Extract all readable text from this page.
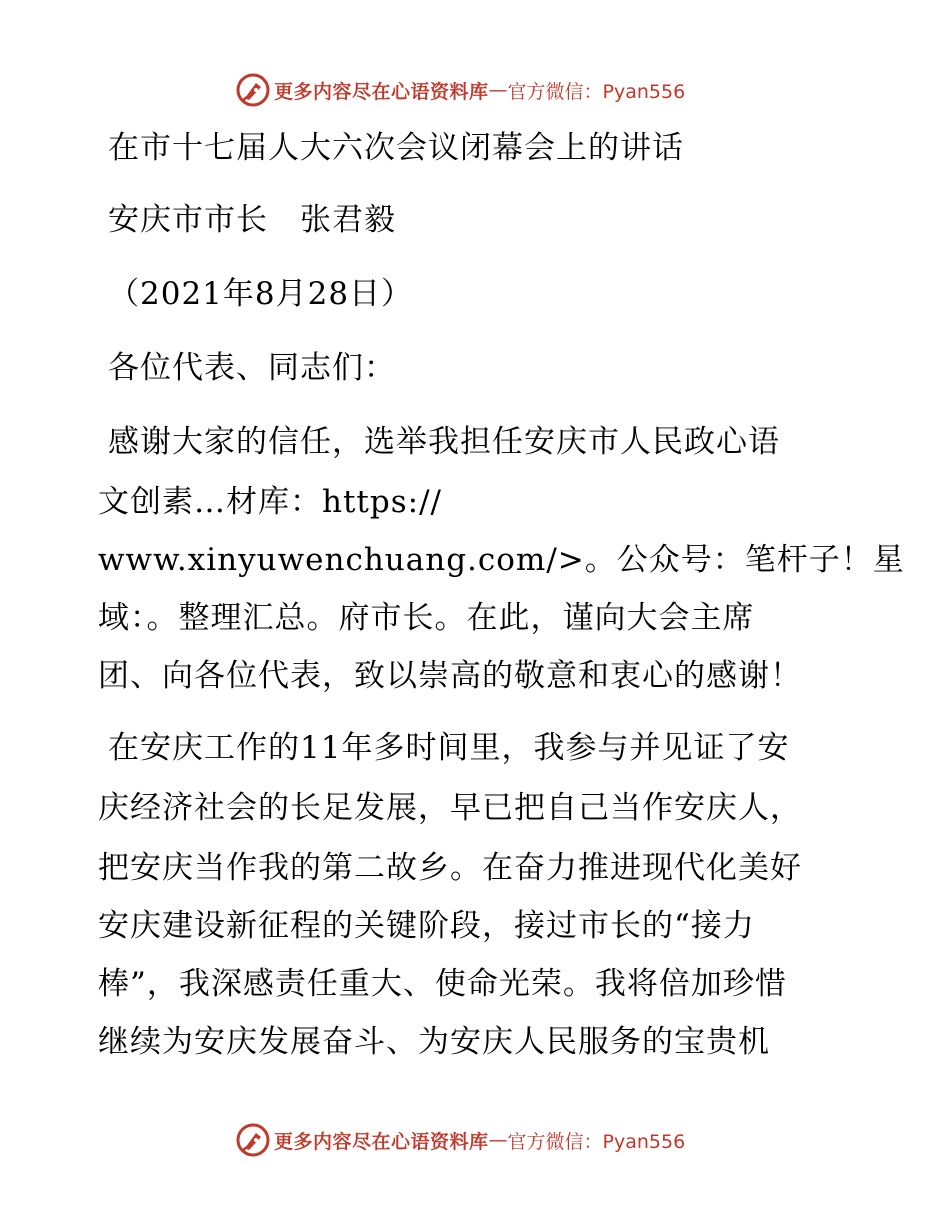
更多内容尽在心语资料库 — 官方微信：Pyan556
在市十七届人大六次会议闭幕会上的讲话
安庆市市长　张君毅
（2021年8月28日）
各位代表、同志们：
感谢大家的信任，选举我担任安庆市人民政心语
文创素…材库：https://
www.xinyuwenchuang.com/>。公众号：笔杆子！星
域：。整理汇总。府市长。在此，谨向大会主席
团、向各位代表，致以崇高的敬意和衷心的感谢！
在安庆工作的11年多时间里，我参与并见证了安
庆经济社会的长足发展，早已把自己当作安庆人，
把安庆当作我的第二故乡。在奋力推进现代化美好
安庆建设新征程的关键阶段，接过市长的“接力
棒”，我深感责任重大、使命光荣。我将倍加珍惜
继续为安庆发展奋斗、为安庆人民服务的宝贵机
更多内容尽在心语资料库 — 官方微信：Pyan556
